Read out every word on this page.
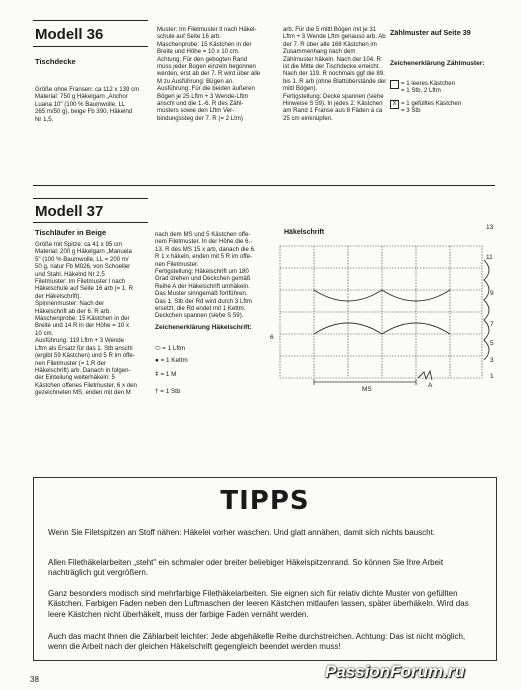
Modell 36
Tischdecke
Größe ohne Fransen: ca 112 x 139 cm
Material: 750 g Häkelgarn „Anchor
Luana 10" (100 % Baumwolle, LL
265 m/50 g), beige Fb 390, Häkelnd
Nr 1,5.
Muster: Im Filetmuster lt nach Häkel-
schule auf Seite 16 arb.
Maschenprobe: 15 Kästchen in der
Breite und Höhe = 10 x 10 cm.
Achtung: Für den gebogten Rand
muss jeder Bogen einzeln begonnen
werden, erst ab der 7. R wird über alle
M zu Ausführung: Bügen an.
Ausführung: Für die beiden äußeren
Bögen je 25 Lftm + 3 Wende-Lftm
anschl und die 1.-6. R des Zähl-
musters sowie den Lftm Ver-
bindungssteg der 7. R (= 2 Ltm)
arb. Für die 5 mittl Bögen mit je 31
Lftm + 3 Wende Lftm genauso arb. Ab
der 7. R über alle 168 Kästchen im
Zusammenhang nach dem
Zählmuster häkeln. Nach der 104. R
ist die Mitte der Tischdecke erreicht.
Nach der 119. R nochmals ggf die 89.
bis 1. R arb (ohne Blattüberstände der
mittl Bögen).
Fertigstellung: Decke spannen (siehe
Hinweise S 59). In jedes 2. Kästchen
am Rand 1 Franse aus 8 Fäden à ca
25 cm einknüpfen.
Zählmuster auf Seite 39
Zeichenerklärung Zählmuster:
= 1 leeres Kästchen
= 1 Stb, 2 Lftm
X = 1 gefülltes Kästchen
= 3 Stb
Modell 37
Tischläufer in Beige
Größe mit Spitze: ca 41 x 95 cm
Material: 200 g Häkelgarn „Manuela
5" (100 % Baumwolle, LL = 200 m/
50 g, natur Fb M026, von Schoeller
und Stahl, Häkelnd Nr 2,5
Filetmuster: Im Filetmuster l nach
Häkelschule auf Seite 16 arb (= 1. R
der Häkelschrift).
Spinnenmuster: Nach der
Häkelschrift ab der 6. R arb.
Maschenprobe: 15 Kästchen in der
Breite und 14 R in der Höhe = 10 x
10 cm.
Ausführung: 119 Lftm + 3 Wende
Lftm als Ersatz für das 1. Stb anschl
(ergibt 59 Kästchen) und 5 R im offe-
nen Filetmuster (= 1.R der
Häkelschrift) arb. Danach in folgen-
der Einteilung weiterhäkeln: 5
Kästchen offenes Filetmuster, 6 x den
gezeichneten MS, enden mit den M
nach dem MS und 5 Kästchen offe-
nem Filetmuster. In der Höhe die 6.-
13. R des MS 15 x arb, danach die 6.
R 1 x häkeln, enden mit 5 R im offe-
nen Filetmuster.
Fertigstellung: Häkelschrift um 180
Grad drehen und Deckchen gemäß
Reihe A der Häkelschrift umhäkeln.
Das Muster sinngemäß fortführen.
Das 1. Stb der Rd wird durch 3 Lftm
ersetzt, die Rd endet mit 1 Kettm.
Deckchen spannen (siehe S 59).
Zeichenerklärung Häkelschrift:
⬭ = 1 Lftm
● = 1 Kettm
ǂ = 1 M
† = 1 Stb
Häkelschrift
MS
13
11
9
7
6
3
1
5
A
TIPPS
Wenn Sie Filetspitzen an Stoff nähen: Häkelei vorher waschen. Und glatt annähen, damit sich nichts bauscht.
Allen Filethäkelarbeiten „steht" ein schmaler oder breiter beliebiger Häkelspitzenrand. So können Sie Ihre Arbeit nachträglich gut vergrößern.
Ganz besonders modisch sind mehrfarbige Filethäkelarbeiten. Sie eignen sich für relativ dichte Muster von gefüllten Kästchen. Farbigen Faden neben den Luftmaschen der leeren Kästchen mitlaufen lassen, später überhäkeln. Wird das leere Kästchen nicht überhäkelt, muss der farbige Faden vernäht werden.
Auch das macht Ihnen die Zählarbeit leichter: Jede abgehäkelte Reihe durchstreichen. Achtung: Das ist nicht möglich, wenn die Arbeit nach der gleichen Häkelschrift gegengleich beendet werden muss!
38	PassionForum.ru
